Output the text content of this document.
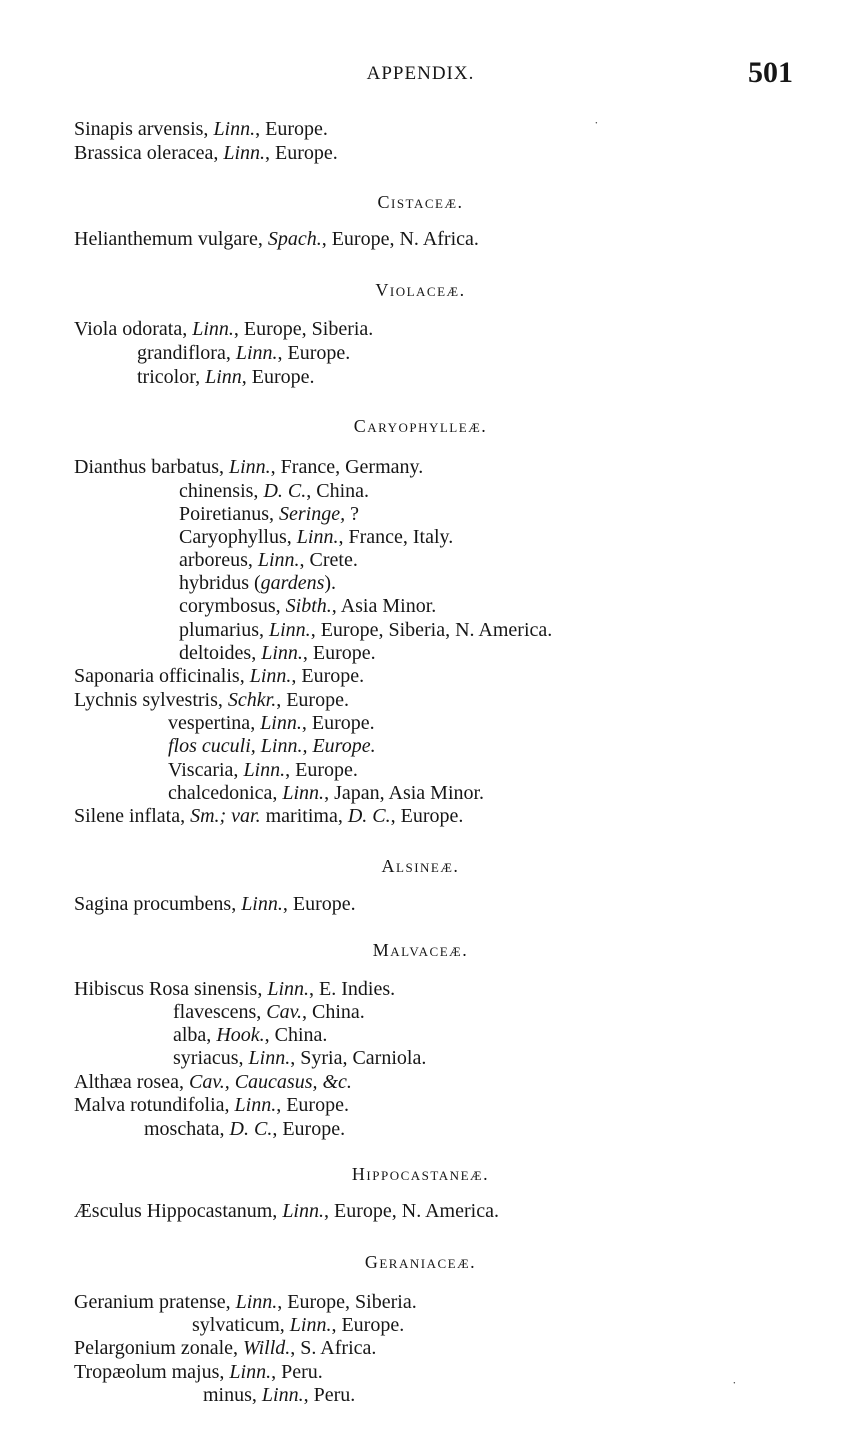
APPENDIX.	501
Sinapis arvensis, Linn., Europe.
Brassica oleracea, Linn., Europe.
Cistaceæ.
Helianthemum vulgare, Spach., Europe, N. Africa.
Violaceæ.
Viola odorata, Linn., Europe, Siberia.
grandiflora, Linn., Europe.
tricolor, Linn, Europe.
Caryophylleæ.
Dianthus barbatus, Linn., France, Germany.
chinensis, D. C., China.
Poiretianus, Seringe, ?
Caryophyllus, Linn., France, Italy.
arboreus, Linn., Crete.
hybridus (gardens).
corymbosus, Sibth., Asia Minor.
plumarius, Linn., Europe, Siberia, N. America.
deltoides, Linn., Europe.
Saponaria officinalis, Linn., Europe.
Lychnis sylvestris, Schkr., Europe.
vespertina, Linn., Europe.
flos cuculi, Linn., Europe.
Viscaria, Linn., Europe.
chalcedonica, Linn., Japan, Asia Minor.
Silene inflata, Sm.; var. maritima, D. C., Europe.
Alsineæ.
Sagina procumbens, Linn., Europe.
Malvaceæ.
Hibiscus Rosa sinensis, Linn., E. Indies.
flavescens, Cav., China.
alba, Hook., China.
syriacus, Linn., Syria, Carniola.
Althæa rosea, Cav., Caucasus, &c.
Malva rotundifolia, Linn., Europe.
moschata, D. C., Europe.
Hippocastaneæ.
Æsculus Hippocastanum, Linn., Europe, N. America.
Geraniaceæ.
Geranium pratense, Linn., Europe, Siberia.
sylvaticum, Linn., Europe.
Pelargonium zonale, Willd., S. Africa.
Tropæolum majus, Linn., Peru.
minus, Linn., Peru.
˙
˙
